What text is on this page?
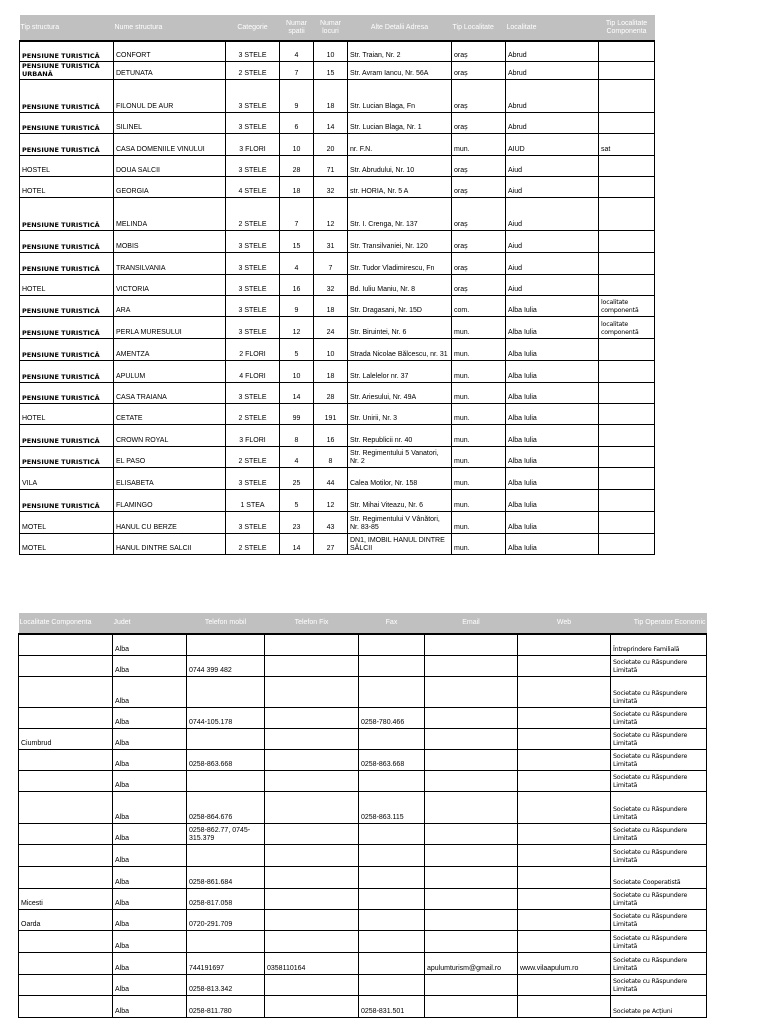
Tip structura	Nume structura	Categorie	Numar spatii	Numar locuri	Alte Detalii Adresa	Tip Localitate	Localitate	Tip Localitate Componenta
PENSIUNE TURISTICĂ	CONFORT	3 STELE	4	10	Str. Traian, Nr. 2	oraș	Abrud	
PENSIUNE TURISTICĂ URBANĂ	DETUNATA	2 STELE	7	15	Str. Avram Iancu, Nr. 56A	oraș	Abrud	
PENSIUNE TURISTICĂ	FILONUL DE AUR	3 STELE	9	18	Str. Lucian Blaga, Fn	oraș	Abrud	
PENSIUNE TURISTICĂ	SILINEL	3 STELE	6	14	Str. Lucian Blaga, Nr. 1	oraș	Abrud	
PENSIUNE TURISTICĂ	CASA DOMENIILE VINULUI	3 FLORI	10	20	nr. F.N.	mun.	AIUD	sat
HOSTEL	DOUA SALCII	3 STELE	28	71	Str. Abrudului, Nr. 10	oraș	Aiud	
HOTEL	GEORGIA	4 STELE	18	32	str. HORIA, Nr. 5 A	oraș	Aiud	
PENSIUNE TURISTICĂ	MELINDA	2 STELE	7	12	Str. I. Crenga, Nr. 137	oraș	Aiud	
PENSIUNE TURISTICĂ	MOBIS	3 STELE	15	31	Str. Transilvaniei, Nr. 120	oraș	Aiud	
PENSIUNE TURISTICĂ	TRANSILVANIA	3 STELE	4	7	Str. Tudor Vladimirescu, Fn	oraș	Aiud	
HOTEL	VICTORIA	3 STELE	16	32	Bd. Iuliu Maniu, Nr. 8	oraș	Aiud	
PENSIUNE TURISTICĂ	ARA	3 STELE	9	18	Str. Dragasani, Nr. 15D	com.	Alba Iulia	localitate componentă
PENSIUNE TURISTICĂ	PERLA MURESULUI	3 STELE	12	24	Str. Biruintei, Nr. 6	mun.	Alba Iulia	localitate componentă
PENSIUNE TURISTICĂ	AMENTZA	2 FLORI	5	10	Strada Nicolae Bălcescu, nr. 31	mun.	Alba Iulia	
PENSIUNE TURISTICĂ	APULUM	4 FLORI	10	18	Str. Lalelelor nr. 37	mun.	Alba Iulia	
PENSIUNE TURISTICĂ	CASA TRAIANA	3 STELE	14	28	Str. Ariesului, Nr. 49A	mun.	Alba Iulia	
HOTEL	CETATE	2 STELE	99	191	Str. Unirii, Nr. 3	mun.	Alba Iulia	
PENSIUNE TURISTICĂ	CROWN ROYAL	3 FLORI	8	16	Str. Republicii nr. 40	mun.	Alba Iulia	
PENSIUNE TURISTICĂ	EL PASO	2 STELE	4	8	Str. Regimentului 5 Vanatori, Nr. 2	mun.	Alba Iulia	
VILA	ELISABETA	3 STELE	25	44	Calea Motilor, Nr. 158	mun.	Alba Iulia	
PENSIUNE TURISTICĂ	FLAMINGO	1 STEA	5	12	Str. Mihai Viteazu, Nr. 6	mun.	Alba Iulia	
MOTEL	HANUL CU BERZE	3 STELE	23	43	Str. Regimentului V Vânători, Nr. 83-85	mun.	Alba Iulia	
MOTEL	HANUL DINTRE SALCII	2 STELE	14	27	DN1, IMOBIL HANUL DINTRE SĂLCII	mun.	Alba Iulia	
Localitate Componenta	Judet	Telefon mobil	Telefon Fix	Fax	Email	Web	Tip Operator Economic
	Alba						Întreprindere Familială
	Alba	0744 399 482					Societate cu Răspundere Limitată
	Alba						Societate cu Răspundere Limitată
	Alba	0744-105.178		0258-780.466			Societate cu Răspundere Limitată
Ciumbrud	Alba						Societate cu Răspundere Limitată
	Alba	0258-863.668		0258-863.668			Societate cu Răspundere Limitată
	Alba						Societate cu Răspundere Limitată
	Alba	0258-864.676		0258-863.115			Societate cu Răspundere Limitată
	Alba	0258-862.77, 0745-315.379					Societate cu Răspundere Limitată
	Alba						Societate cu Răspundere Limitată
	Alba	0258-861.684					Societate Cooperatistă
Micesti	Alba	0258-817.058					Societate cu Răspundere Limitată
Oarda	Alba	0720-291.709					Societate cu Răspundere Limitată
	Alba						Societate cu Răspundere Limitată
	Alba	744191697	0358110164		apulumturism@gmail.ro	www.vilaapulum.ro	Societate cu Răspundere Limitată
	Alba	0258-813.342					Societate cu Răspundere Limitată
	Alba	0258-811.780		0258-831.501			Societate pe Acțiuni
